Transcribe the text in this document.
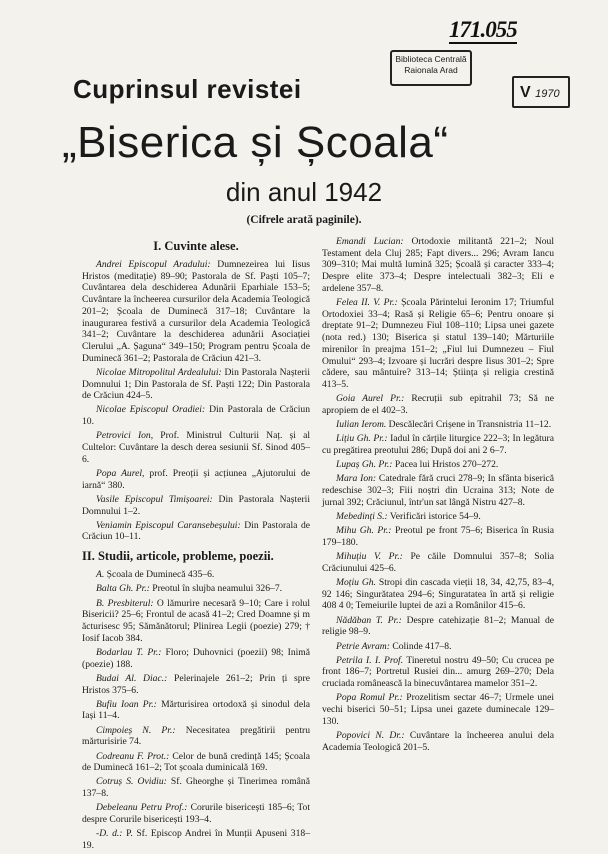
171.055
Biblioteca Centrală
Raionala Arad
V 1970
Cuprinsul revistei
„Biserica și Școala“
din anul 1942
(Cifrele arată paginile).
I. Cuvinte alese.
Andrei Episcopul Aradului: Dumnezeirea lui Iisus Hristos (meditație) 89–90; Pastorala de Sf. Paști 105–7; Cuvântarea dela deschiderea Adunării Eparhiale 153–5; Cuvântare la încheerea cursurilor dela Academia Teologică 201–2; Școala de Duminecă 317–18; Cuvântare la inaugurarea festivă a cursurilor dela Academia Teologică 341–2; Cuvântare la deschiderea adunării Asociației Clerului „A. Șaguna“ 349–150; Program pentru Școala de Duminecă 361–2; Pastorala de Crăciun 421–3.
Nicolae Mitropolitul Ardealului: Din Pastorala Nașterii Domnului 1; Din Pastorala de Sf. Paști 122; Din Pastorala de Crăciun 424–5.
Nicolae Episcopul Oradiei: Din Pastorala de Crăciun 10.
Petrovici Ion, Prof. Ministrul Culturii Naț. și al Cultelor: Cuvântare la desch derea sesiunii Sf. Sinod 405–6.
Popa Aurel, prof. Preoții și acțiunea „Ajutorului de iarnă“ 380.
Vasile Episcopul Timișoarei: Din Pastorala Nașterii Domnului 1–2.
Veniamin Episcopul Caransebeșului: Din Pastorala de Crăciun 10–11.
II. Studii, articole, probleme, poezii.
A. Școala de Duminecă 435–6.
Balta Gh. Pr.: Preotul în slujba neamului 326–7.
B. Presbiterul: O lămurire necesară 9–10; Care i rolul Bisericii? 25–6; Frontul de acasă 41–2; Cred Doamne și m ăcturisesc 95; Sămănătorul; Plinirea Legii (poezie) 279; † Iosif Iacob 384.
Bodarlau T. Pr.: Floro; Duhovnici (poezii) 98; Inimă (poezie) 188.
Budai Al. Diac.: Pelerinajele 261–2; Prin ți spre Hristos 375–6.
Bufiu Ioan Pr.: Mărturisirea ortodoxă și sinodul dela Iași 11–4.
Cimpoieș N. Pr.: Necesitatea pregătirii pentru mărturisirie 74.
Codreanu F. Prot.: Celor de bună credință 145; Școala de Duminecă 161–2; Tot școala duminicală 169.
Cotruș S. Ovidiu: Sf. Gheorghe și Tinerimea română 137–8.
Debeleanu Petru Prof.: Corurile bisericești 185–6; Tot despre Corurile bisericești 193–4.
-D. d.: P. Sf. Episcop Andrei în Munții Apuseni 318–19.
Emandi Lucian: Ortodoxie militantă 221–2; Noul Testament dela Cluj 285; Fapt divers... 296; Avram Iancu 309–310; Mai multă lumină 325; Școală și caracter 333–4; Despre elite 373–4; Despre intelectuali 382–3; Eli e ardelene 357–8.
Felea II. V. Pr.: Școala Părintelui Ieronim 17; Triumful Ortodoxiei 33–4; Rasă și Religie 65–6; Pentru onoare și dreptate 91–2; Dumnezeu Fiul 108–110; Lipsa unei gazete (nota red.) 130; Biserica și statul 139–140; Mărturiile mirenilor în preajma 151–2; „Fiul lui Dumnezeu – Fiul Omului“ 293–4; Izvoare și lucrări despre Iisus 301–2; Spre cădere, sau mântuire? 313–14; Știința și religia crestină 413–5.
Goia Aurel Pr.: Recruții sub epitrahil 73; Să ne apropiem de el 402–3.
Iulian Ierom. Descălecări Crișene in Transnistria 11–12.
Lițiu Gh. Pr.: Iadul în cărțile liturgice 222–3; In legătura cu pregătirea preotului 286; După doi ani 2 6–7.
Lupaș Gh. Pr.: Pacea lui Hristos 270–272.
Mara Ion: Catedrale fără cruci 278–9; In sfânta biserică redeschise 302–3; Fiii noștri din Ucraina 313; Note de jurnal 392; Crăciunul, într'un sat lângă Nistru 427–8.
Mebedinți S.: Verificări istorice 54–9.
Mihu Gh. Pr.: Preotul pe front 75–6; Biserica în Rusia 179–180.
Mihuțiu V. Pr.: Pe căile Domnului 357–8; Solia Crăciunului 425–6.
Moțiu Gh. Stropi din cascada vieții 18, 34, 42,75, 83–4, 92 146; Singurătatea 294–6; Singuratatea în artă și religie 408 4 0; Temeiurile luptei de azi a Românilor 415–6.
Nădăban T. Pr.: Despre catehizație 81–2; Manual de religie 98–9.
Petrie Avram: Colinde 417–8.
Petrila I. I. Prof. Tineretul nostru 49–50; Cu crucea pe front 186–7; Portretul Rusiei din... amurg 269–270; Dela cruciada românească la binecuvântarea mamelor 351–2.
Popa Romul Pr.: Prozelitism sectar 46–7; Urmele unei vechi biserici 50–51; Lipsa unei gazete duminecale 129–130.
Popovici N. Dr.: Cuvântare la încheerea anului dela Academia Teologică 201–5.
